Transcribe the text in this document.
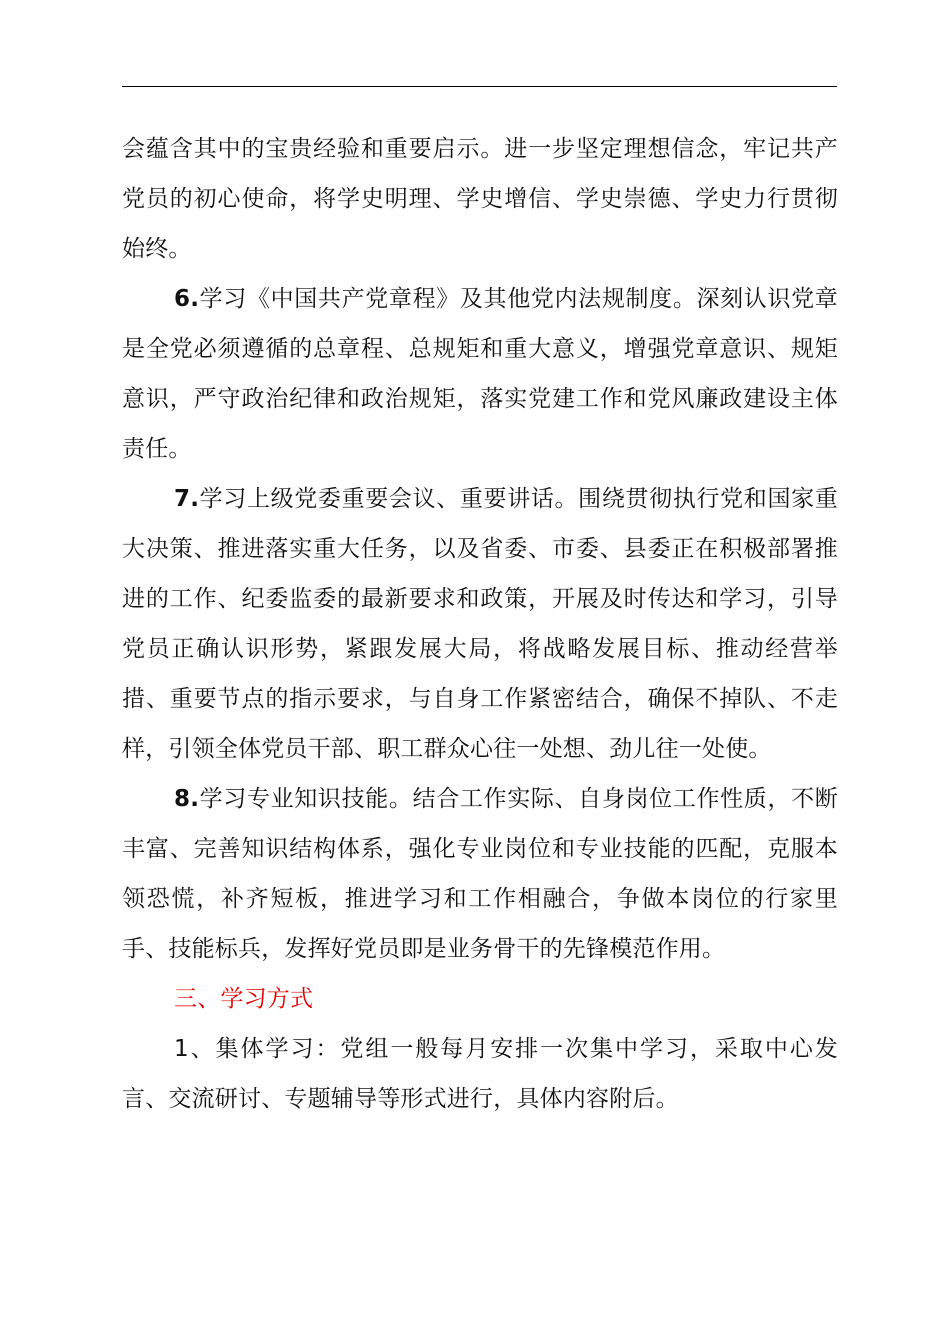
会蕴含其中的宝贵经验和重要启示。进一步坚定理想信念，牢记共产党员的初心使命，将学史明理、学史增信、学史崇德、学史力行贯彻始终。

6.学习《中国共产党章程》及其他党内法规制度。深刻认识党章是全党必须遵循的总章程、总规矩和重大意义，增强党章意识、规矩意识，严守政治纪律和政治规矩，落实党建工作和党风廉政建设主体责任。

7.学习上级党委重要会议、重要讲话。围绕贯彻执行党和国家重大决策、推进落实重大任务，以及省委、市委、县委正在积极部署推进的工作、纪委监委的最新要求和政策，开展及时传达和学习，引导党员正确认识形势，紧跟发展大局，将战略发展目标、推动经营举措、重要节点的指示要求，与自身工作紧密结合，确保不掉队、不走样，引领全体党员干部、职工群众心往一处想、劲儿往一处使。

8.学习专业知识技能。结合工作实际、自身岗位工作性质，不断丰富、完善知识结构体系，强化专业岗位和专业技能的匹配，克服本领恐慌，补齐短板，推进学习和工作相融合，争做本岗位的行家里手、技能标兵，发挥好党员即是业务骨干的先锋模范作用。

三、学习方式

1、集体学习：党组一般每月安排一次集中学习，采取中心发言、交流研讨、专题辅导等形式进行，具体内容附后。
